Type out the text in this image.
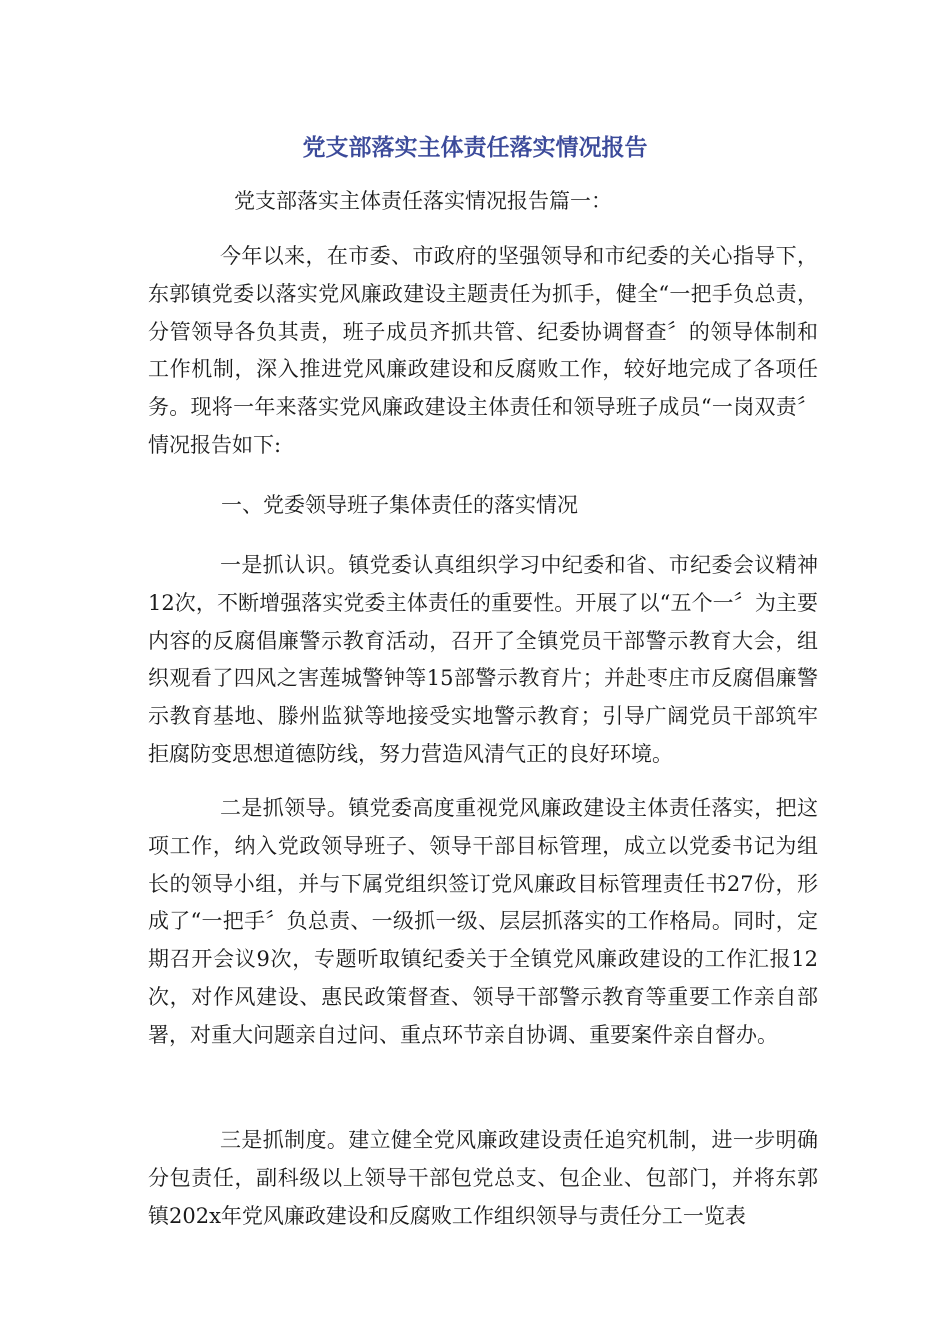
党支部落实主体责任落实情况报告
党支部落实主体责任落实情况报告篇一：

今年以来，在市委、市政府的坚强领导和市纪委的关心指导下，东郭镇党委以落实党风廉政建设主题责任为抓手，健全“一把手负总责，分管领导各负其责，班子成员齐抓共管、纪委协调督查〞的领导体制和工作机制，深入推进党风廉政建设和反腐败工作，较好地完成了各项任务。现将一年来落实党风廉政建设主体责任和领导班子成员“一岗双责〞情况报告如下:

一、党委领导班子集体责任的落实情况

一是抓认识。镇党委认真组织学习中纪委和省、市纪委会议精神12次，不断增强落实党委主体责任的重要性。开展了以“五个一〞为主要内容的反腐倡廉警示教育活动，召开了全镇党员干部警示教育大会，组织观看了四风之害莲城警钟等15部警示教育片；并赴枣庄市反腐倡廉警示教育基地、滕州监狱等地接受实地警示教育；引导广阔党员干部筑牢拒腐防变思想道德防线，努力营造风清气正的良好环境。

二是抓领导。镇党委高度重视党风廉政建设主体责任落实，把这项工作，纳入党政领导班子、领导干部目标管理，成立以党委书记为组长的领导小组，并与下属党组织签订党风廉政目标管理责任书27份，形成了“一把手〞负总责、一级抓一级、层层抓落实的工作格局。同时，定期召开会议9次，专题听取镇纪委关于全镇党风廉政建设的工作汇报12次，对作风建设、惠民政策督查、领导干部警示教育等重要工作亲自部署，对重大问题亲自过问、重点环节亲自协调、重要案件亲自督办。

三是抓制度。建立健全党风廉政建设责任追究机制，进一步明确分包责任，副科级以上领导干部包党总支、包企业、包部门，并将东郭镇202x年党风廉政建设和反腐败工作组织领导与责任分工一览表
